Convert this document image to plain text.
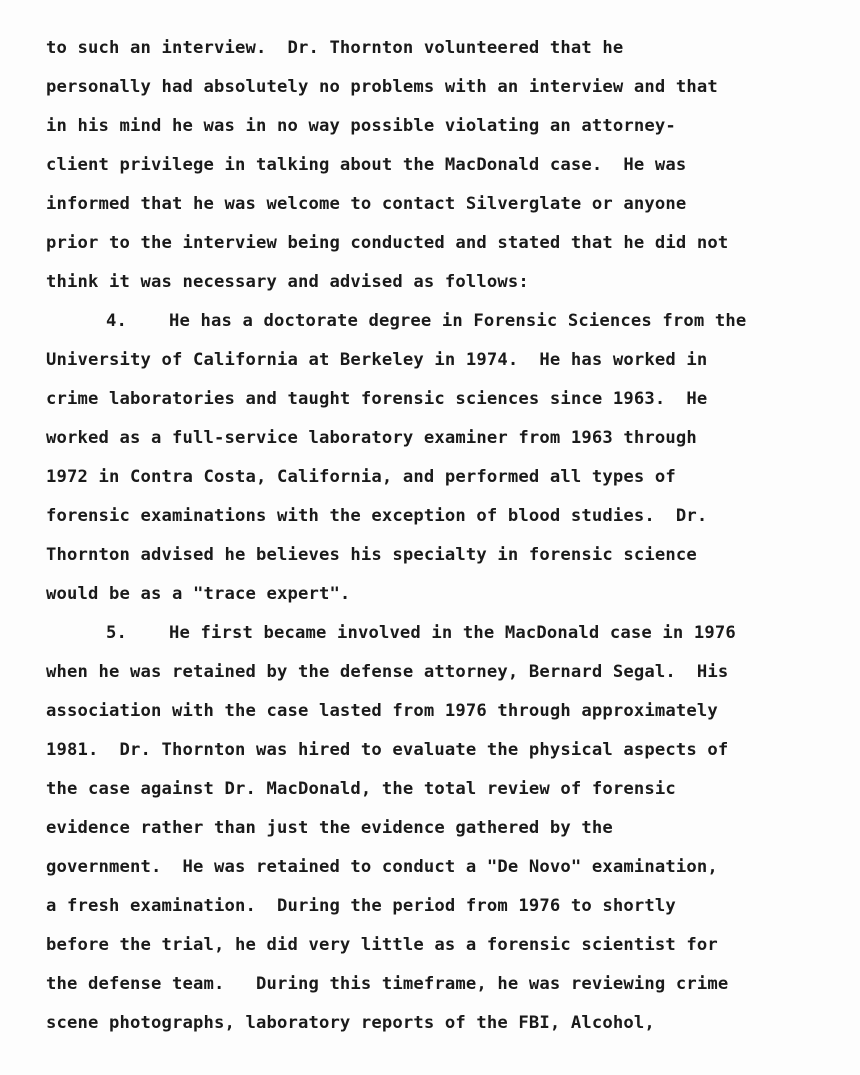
to such an interview.  Dr. Thornton volunteered that he
personally had absolutely no problems with an interview and that
in his mind he was in no way possible violating an attorney-
client privilege in talking about the MacDonald case.  He was
informed that he was welcome to contact Silverglate or anyone
prior to the interview being conducted and stated that he did not
think it was necessary and advised as follows:
4.    He has a doctorate degree in Forensic Sciences from the
University of California at Berkeley in 1974.  He has worked in
crime laboratories and taught forensic sciences since 1963.  He
worked as a full-service laboratory examiner from 1963 through
1972 in Contra Costa, California, and performed all types of
forensic examinations with the exception of blood studies.  Dr.
Thornton advised he believes his specialty in forensic science
would be as a "trace expert".
5.    He first became involved in the MacDonald case in 1976
when he was retained by the defense attorney, Bernard Segal.  His
association with the case lasted from 1976 through approximately
1981.  Dr. Thornton was hired to evaluate the physical aspects of
the case against Dr. MacDonald, the total review of forensic
evidence rather than just the evidence gathered by the
government.  He was retained to conduct a "De Novo" examination,
a fresh examination.  During the period from 1976 to shortly
before the trial, he did very little as a forensic scientist for
the defense team.   During this timeframe, he was reviewing crime
scene photographs, laboratory reports of the FBI, Alcohol,
